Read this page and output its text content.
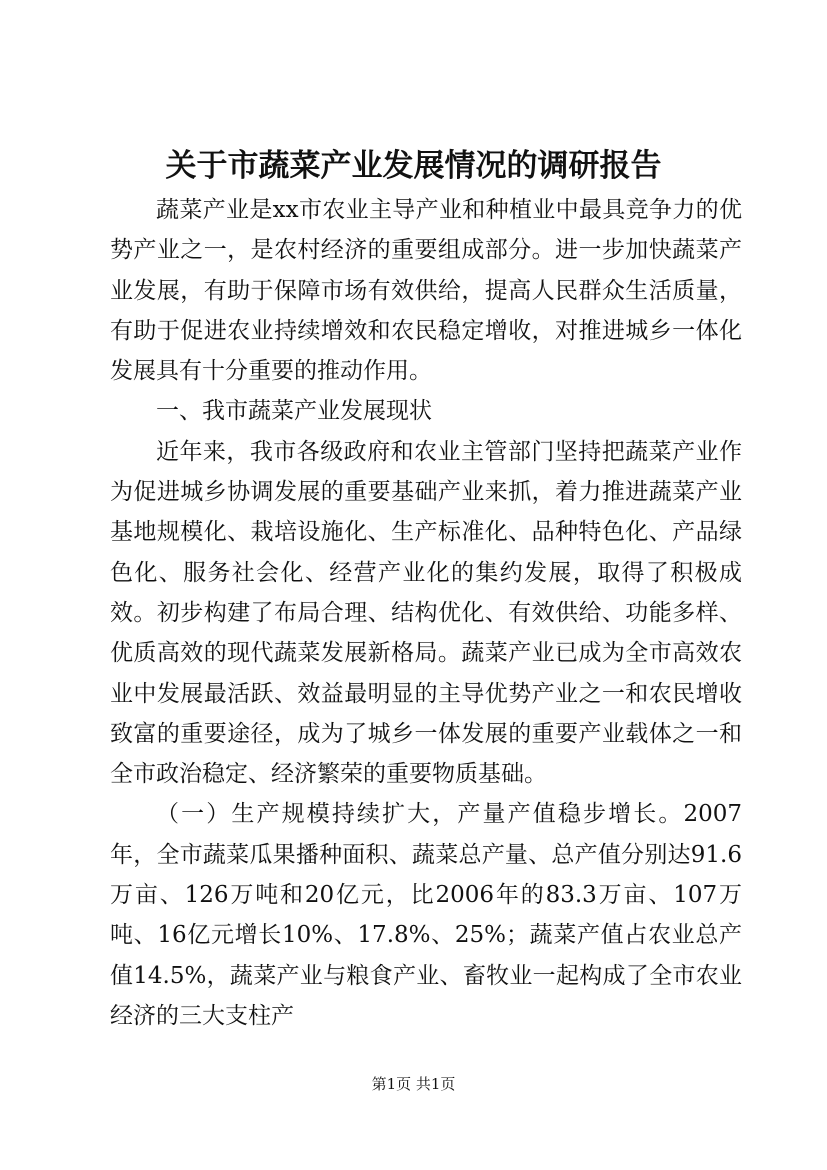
关于市蔬菜产业发展情况的调研报告

蔬菜产业是xx市农业主导产业和种植业中最具竞争力的优势产业之一，是农村经济的重要组成部分。进一步加快蔬菜产业发展，有助于保障市场有效供给，提高人民群众生活质量，有助于促进农业持续增效和农民稳定增收，对推进城乡一体化发展具有十分重要的推动作用。

一、我市蔬菜产业发展现状

近年来，我市各级政府和农业主管部门坚持把蔬菜产业作为促进城乡协调发展的重要基础产业来抓，着力推进蔬菜产业基地规模化、栽培设施化、生产标准化、品种特色化、产品绿色化、服务社会化、经营产业化的集约发展，取得了积极成效。初步构建了布局合理、结构优化、有效供给、功能多样、优质高效的现代蔬菜发展新格局。蔬菜产业已成为全市高效农业中发展最活跃、效益最明显的主导优势产业之一和农民增收致富的重要途径，成为了城乡一体发展的重要产业载体之一和全市政治稳定、经济繁荣的重要物质基础。

（一）生产规模持续扩大，产量产值稳步增长。2007年，全市蔬菜瓜果播种面积、蔬菜总产量、总产值分别达91.6万亩、126万吨和20亿元，比2006年的83.3万亩、107万吨、16亿元增长10%、17.8%、25%；蔬菜产值占农业总产值14.5%，蔬菜产业与粮食产业、畜牧业一起构成了全市农业经济的三大支柱产

第1页 共1页
